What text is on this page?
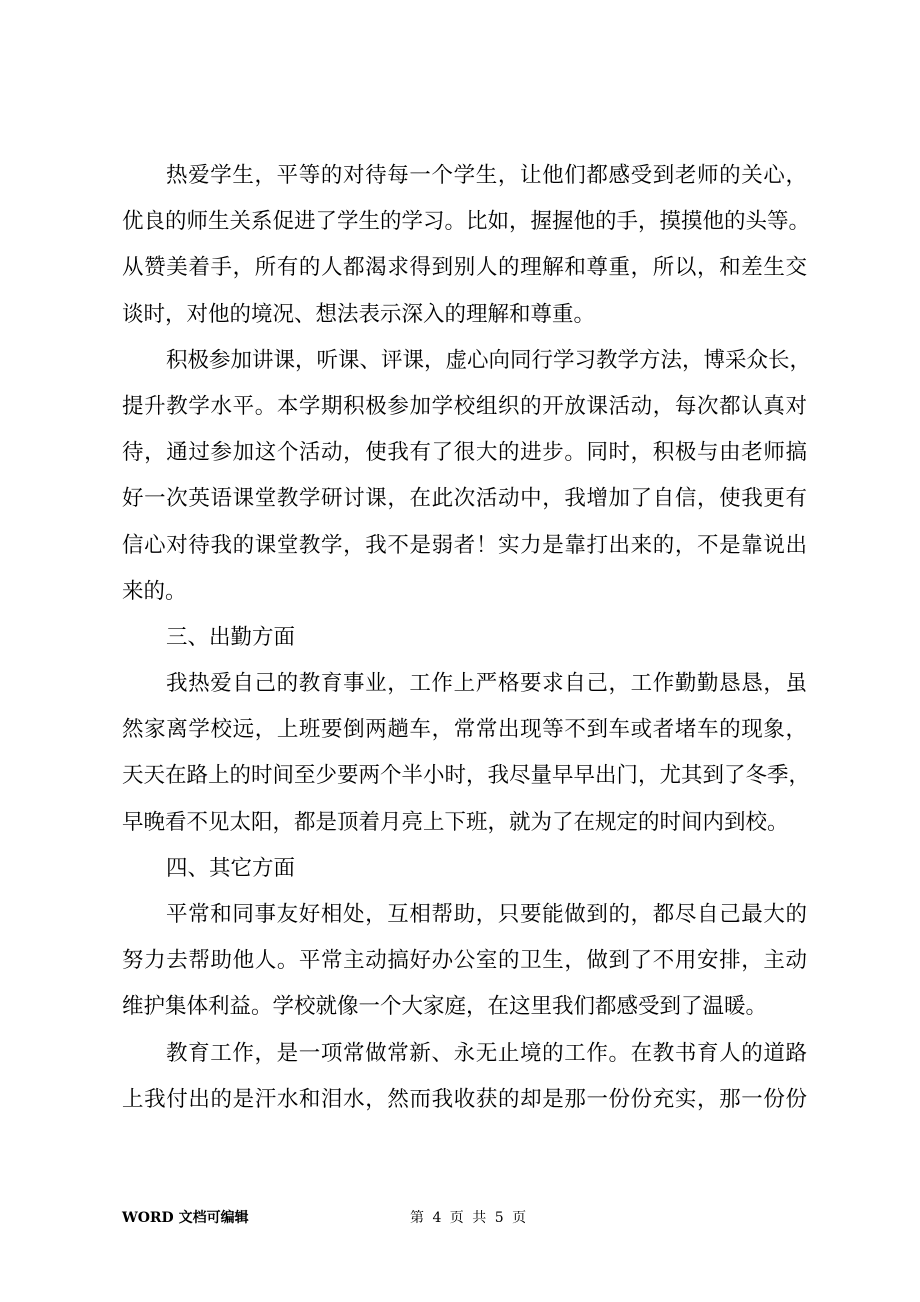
热爱学生，平等的对待每一个学生，让他们都感受到老师的关心，
优良的师生关系促进了学生的学习。比如，握握他的手，摸摸他的头等。
从赞美着手，所有的人都渴求得到别人的理解和尊重，所以，和差生交
谈时，对他的境况、想法表示深入的理解和尊重。
积极参加讲课，听课、评课，虚心向同行学习教学方法，博采众长，
提升教学水平。本学期积极参加学校组织的开放课活动，每次都认真对
待，通过参加这个活动，使我有了很大的进步。同时，积极与由老师搞
好一次英语课堂教学研讨课，在此次活动中，我增加了自信，使我更有
信心对待我的课堂教学，我不是弱者！实力是靠打出来的，不是靠说出
来的。
三、出勤方面
我热爱自己的教育事业，工作上严格要求自己，工作勤勤恳恳，虽
然家离学校远，上班要倒两趟车，常常出现等不到车或者堵车的现象，
天天在路上的时间至少要两个半小时，我尽量早早出门，尤其到了冬季，
早晚看不见太阳，都是顶着月亮上下班，就为了在规定的时间内到校。
四、其它方面
平常和同事友好相处，互相帮助，只要能做到的，都尽自己最大的
努力去帮助他人。平常主动搞好办公室的卫生，做到了不用安排，主动
维护集体利益。学校就像一个大家庭，在这里我们都感受到了温暖。
教育工作，是一项常做常新、永无止境的工作。在教书育人的道路
上我付出的是汗水和泪水，然而我收获的却是那一份份充实，那一份份
WORD 文档可编辑	第 4 页 共 5 页
